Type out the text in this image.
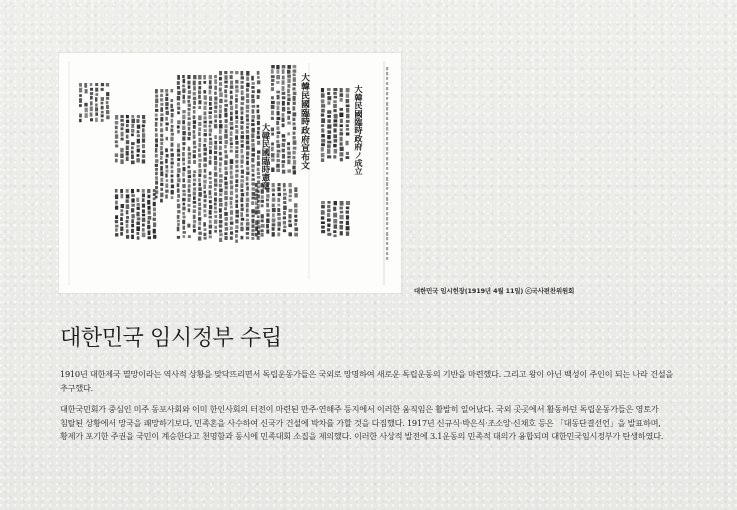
大韓民國臨時政府ノ成立
大韓民國臨時政府宣布文
大韓民國臨時憲章
대한민국 임시헌장(1919년 4월 11일) ⓒ국사편찬위원회
대한민국 임시정부 수립

1910년 대한제국 멸망이라는 역사적 상황을 맞닥뜨리면서 독립운동가들은 국외로 망명하여 새로운 독립운동의 기반을 마련했다. 그리고 왕이 아닌 백성이 주인이 되는 나라 건설을 추구했다.

대한국민회가 중심인 미주 동포사회와 이미 한인사회의 터전이 마련된 만주·연해주 등지에서 이러한 움직임은 활발히 일어났다. 국외 곳곳에서 활동하던 독립운동가들은 영토가 침탈된 상황에서 망국을 쾌망하기보다, 민족혼을 사수하여 신국가 건설에 박차를 가할 것을 다짐했다. 1917년 신규식·박은식·조소앙·신채호 등은 「대동단결선언」을 발표하며, 황제가 포기한 주권을 국민이 계승한다고 천명함과 동시에 민족대회 소집을 제의했다. 이러한 사상적 발전에 3.1운동의 민족적 대의가 융합되며 대한민국임시정부가 탄생하였다.
